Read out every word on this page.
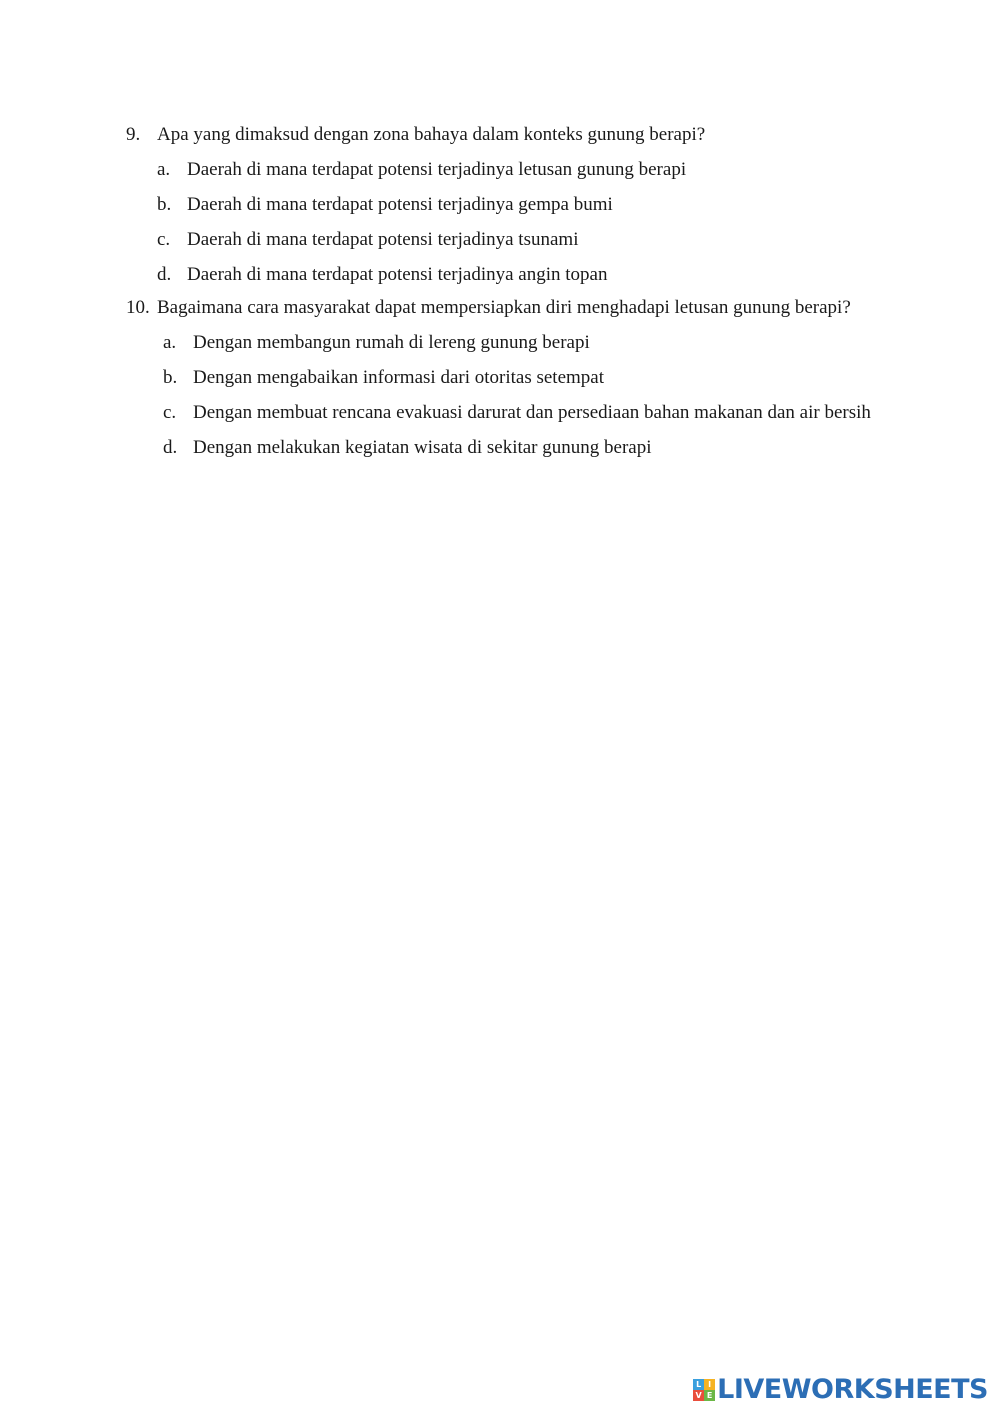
9. Apa yang dimaksud dengan zona bahaya dalam konteks gunung berapi?
a. Daerah di mana terdapat potensi terjadinya letusan gunung berapi
b. Daerah di mana terdapat potensi terjadinya gempa bumi
c. Daerah di mana terdapat potensi terjadinya tsunami
d. Daerah di mana terdapat potensi terjadinya angin topan
10. Bagaimana cara masyarakat dapat mempersiapkan diri menghadapi letusan gunung berapi?
a. Dengan membangun rumah di lereng gunung berapi
b. Dengan mengabaikan informasi dari otoritas setempat
c. Dengan membuat rencana evakuasi darurat dan persediaan bahan makanan dan air bersih
d. Dengan melakukan kegiatan wisata di sekitar gunung berapi
L I
V E LIVEWORKSHEETS
